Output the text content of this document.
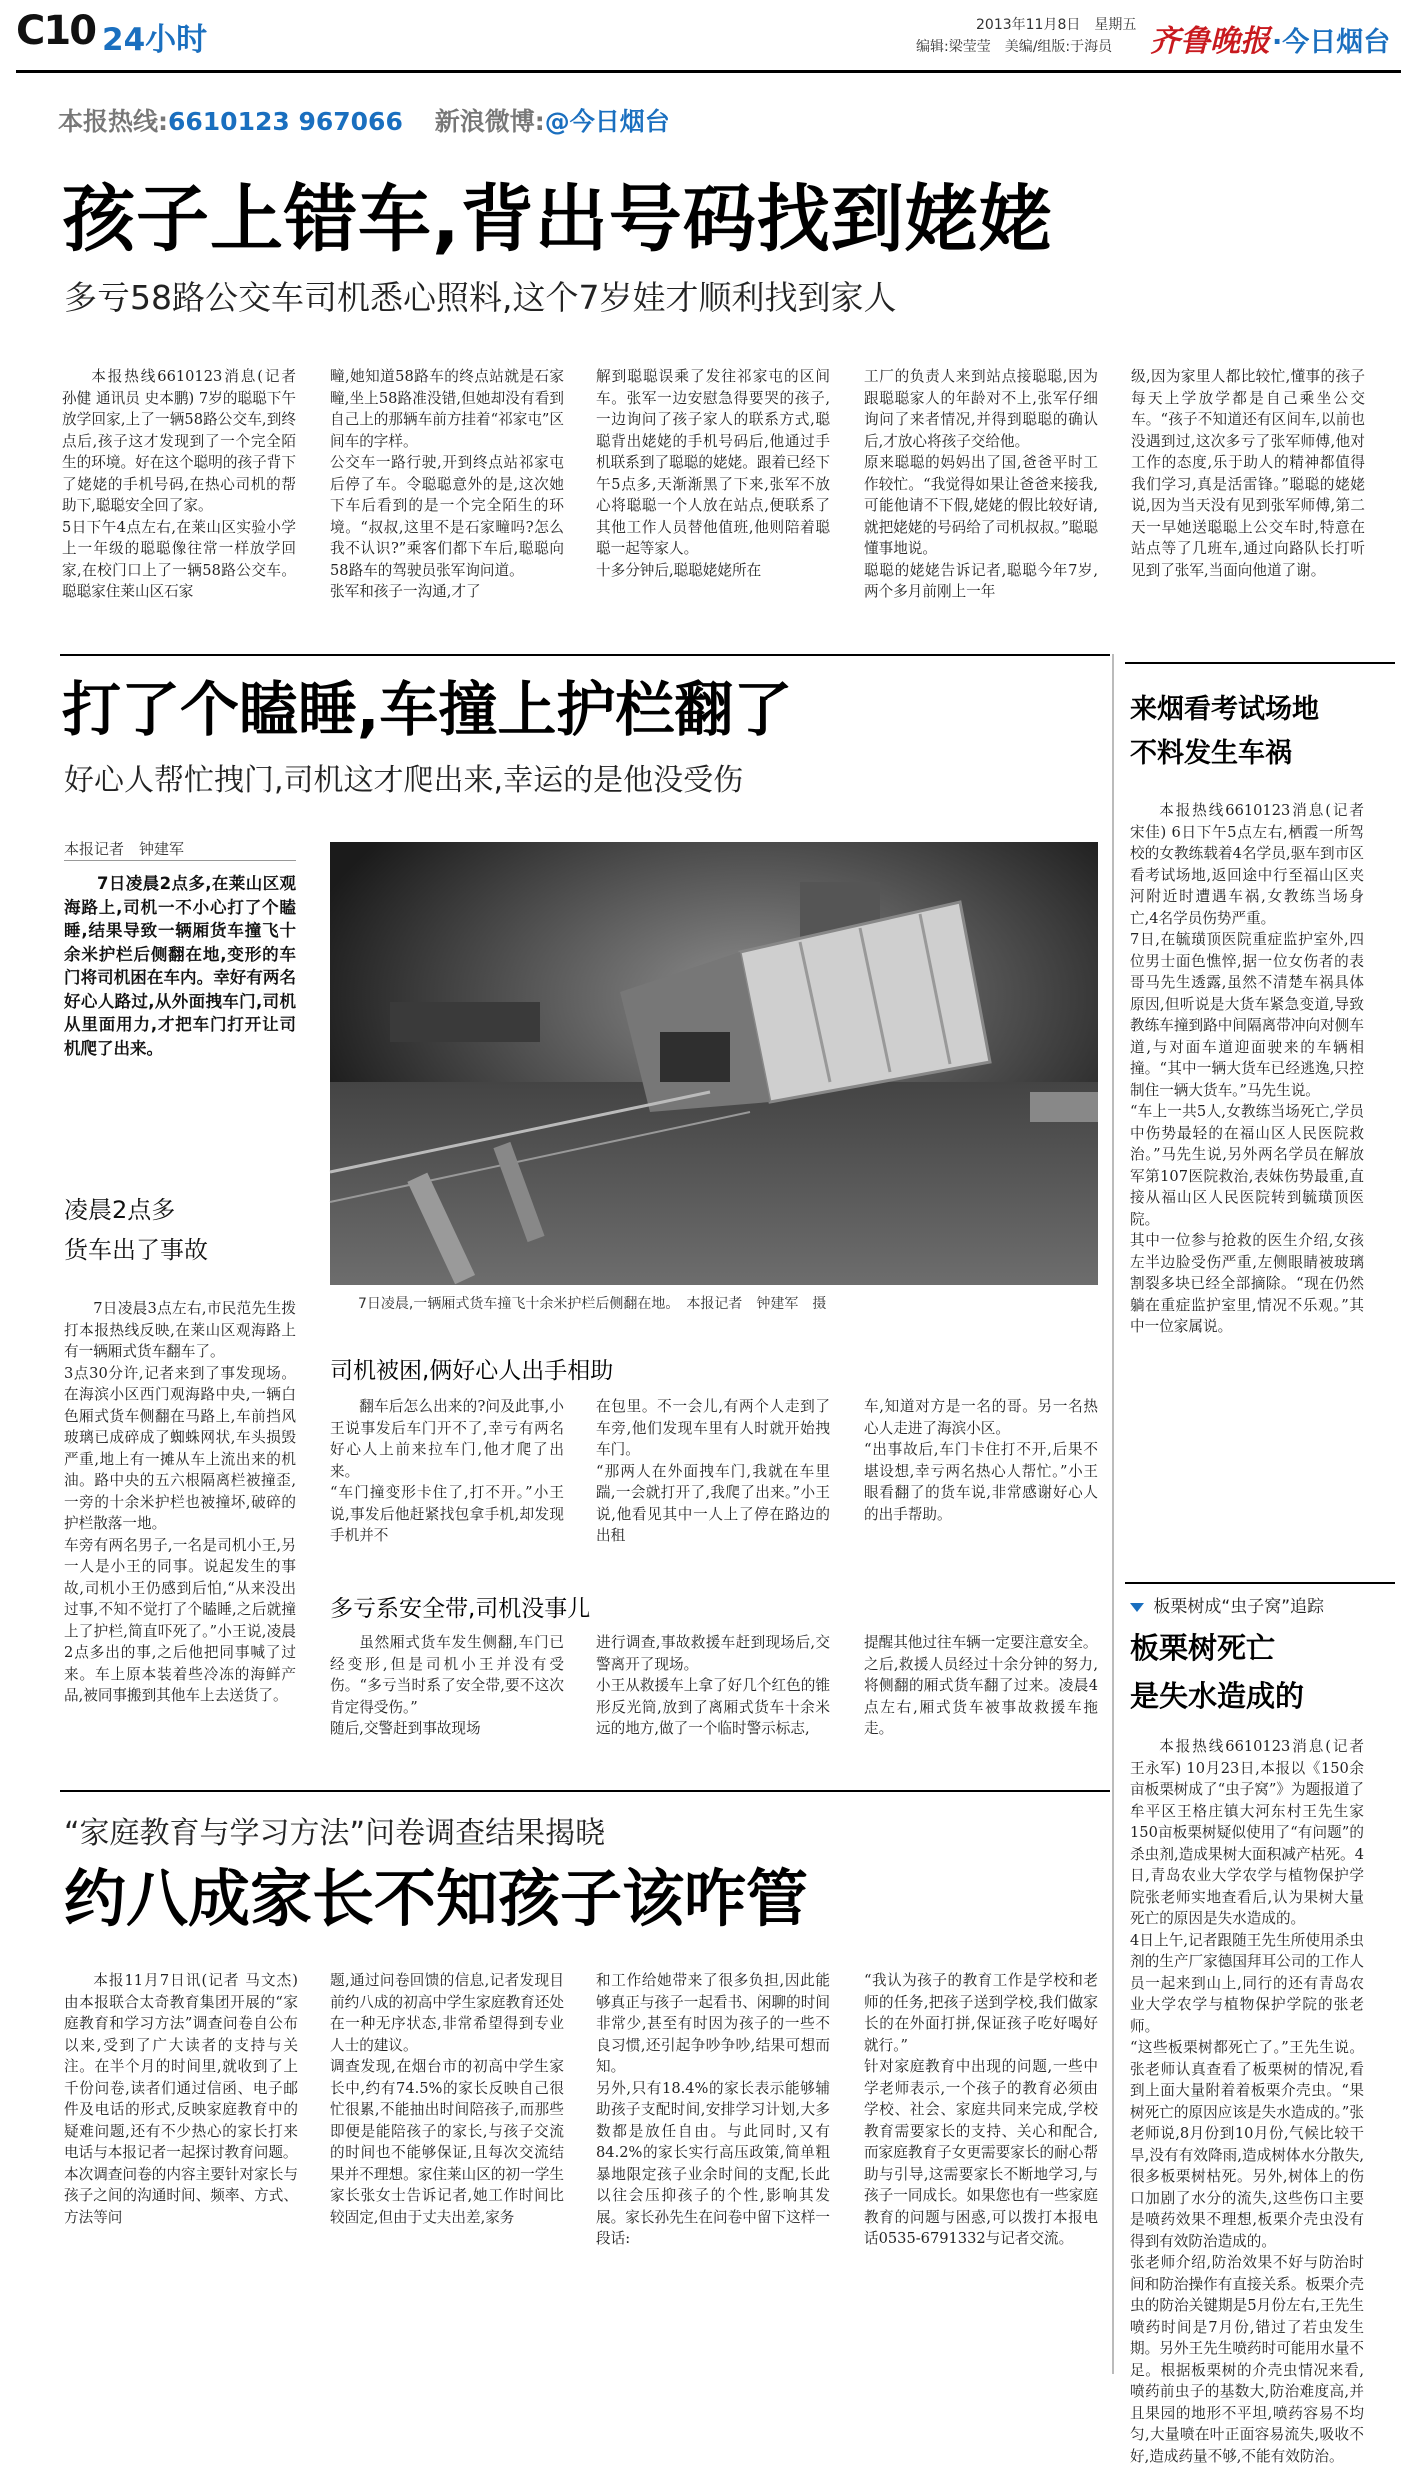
C10 24小时	2013年11月8日　星期五
编辑:梁莹莹　美编/组版:于海员 齐鲁晚报 ·今日烟台
本报热线:6610123 967066 新浪微博:@今日烟台
孩子上错车,背出号码找到姥姥
多亏58路公交车司机悉心照料,这个7岁娃才顺利找到家人

本报热线6610123消息(记者 孙健 通讯员 史本鹏) 7岁的聪聪下午放学回家,上了一辆58路公交车,到终点后,孩子这才发现到了一个完全陌生的环境。好在这个聪明的孩子背下了姥姥的手机号码,在热心司机的帮助下,聪聪安全回了家。
5日下午4点左右,在莱山区实验小学上一年级的聪聪像往常一样放学回家,在校门口上了一辆58路公交车。聪聪家住莱山区石家

疃,她知道58路车的终点站就是石家疃,坐上58路准没错,但她却没有看到自己上的那辆车前方挂着“祁家屯”区间车的字样。
公交车一路行驶,开到终点站祁家屯后停了车。令聪聪意外的是,这次她下车后看到的是一个完全陌生的环境。“叔叔,这里不是石家疃吗?怎么我不认识?”乘客们都下车后,聪聪向58路车的驾驶员张军询问道。
张军和孩子一沟通,才了

解到聪聪误乘了发往祁家屯的区间车。张军一边安慰急得要哭的孩子,一边询问了孩子家人的联系方式,聪聪背出姥姥的手机号码后,他通过手机联系到了聪聪的姥姥。跟着已经下午5点多,天渐渐黑了下来,张军不放心将聪聪一个人放在站点,便联系了其他工作人员替他值班,他则陪着聪聪一起等家人。
十多分钟后,聪聪姥姥所在

工厂的负责人来到站点接聪聪,因为跟聪聪家人的年龄对不上,张军仔细询问了来者情况,并得到聪聪的确认后,才放心将孩子交给他。
原来聪聪的妈妈出了国,爸爸平时工作较忙。“我觉得如果让爸爸来接我,可能他请不下假,姥姥的假比较好请,就把姥姥的号码给了司机叔叔。”聪聪懂事地说。
聪聪的姥姥告诉记者,聪聪今年7岁,两个多月前刚上一年

级,因为家里人都比较忙,懂事的孩子每天上学放学都是自己乘坐公交车。“孩子不知道还有区间车,以前也没遇到过,这次多亏了张军师傅,他对工作的态度,乐于助人的精神都值得我们学习,真是活雷锋。”聪聪的姥姥说,因为当天没有见到张军师傅,第二天一早她送聪聪上公交车时,特意在站点等了几班车,通过向路队长打听见到了张军,当面向他道了谢。

打了个瞌睡,车撞上护栏翻了
好心人帮忙拽门,司机这才爬出来,幸运的是他没受伤
本报记者　钟建军

7日凌晨2点多,在莱山区观海路上,司机一不小心打了个瞌睡,结果导致一辆厢货车撞飞十余米护栏后侧翻在地,变形的车门将司机困在车内。幸好有两名好心人路过,从外面拽车门,司机从里面用力,才把车门打开让司机爬了出来。

凌晨2点多
货车出了事故

7日凌晨3点左右,市民范先生拨打本报热线反映,在莱山区观海路上有一辆厢式货车翻车了。
3点30分许,记者来到了事发现场。在海滨小区西门观海路中央,一辆白色厢式货车侧翻在马路上,车前挡风玻璃已成碎成了蜘蛛网状,车头损毁严重,地上有一摊从车上流出来的机油。路中央的五六根隔离栏被撞歪,一旁的十余米护栏也被撞坏,破碎的护栏散落一地。
车旁有两名男子,一名是司机小王,另一人是小王的同事。说起发生的事故,司机小王仍感到后怕,“从来没出过事,不知不觉打了个瞌睡,之后就撞上了护栏,简直吓死了。”小王说,凌晨2点多出的事,之后他把同事喊了过来。车上原本装着些冷冻的海鲜产品,被同事搬到其他车上去送货了。

7日凌晨,一辆厢式货车撞飞十余米护栏后侧翻在地。　本报记者　钟建军　摄
司机被困,俩好心人出手相助

翻车后怎么出来的?问及此事,小王说事发后车门开不了,幸亏有两名好心人上前来拉车门,他才爬了出来。
“车门撞变形卡住了,打不开。”小王说,事发后他赶紧找包拿手机,却发现手机并不

在包里。不一会儿,有两个人走到了车旁,他们发现车里有人时就开始拽车门。
“那两人在外面拽车门,我就在车里踹,一会就打开了,我爬了出来。”小王说,他看见其中一人上了停在路边的出租

车,知道对方是一名的哥。另一名热心人走进了海滨小区。
“出事故后,车门卡住打不开,后果不堪设想,幸亏两名热心人帮忙。”小王眼看翻了的货车说,非常感谢好心人的出手帮助。

多亏系安全带,司机没事儿

虽然厢式货车发生侧翻,车门已经变形,但是司机小王并没有受伤。“多亏当时系了安全带,要不这次肯定得受伤。”
随后,交警赶到事故现场

进行调查,事故救援车赶到现场后,交警离开了现场。
小王从救援车上拿了好几个红色的锥形反光筒,放到了离厢式货车十余米远的地方,做了一个临时警示标志,

提醒其他过往车辆一定要注意安全。
之后,救援人员经过十余分钟的努力,将侧翻的厢式货车翻了过来。凌晨4点左右,厢式货车被事故救援车拖走。

“家庭教育与学习方法”问卷调查结果揭晓
约八成家长不知孩子该咋管

本报11月7日讯(记者 马文杰) 由本报联合太奇教育集团开展的“家庭教育和学习方法”调查问卷自公布以来,受到了广大读者的支持与关注。在半个月的时间里,就收到了上千份问卷,读者们通过信函、电子邮件及电话的形式,反映家庭教育中的疑难问题,还有不少热心的家长打来电话与本报记者一起探讨教育问题。
本次调查问卷的内容主要针对家长与孩子之间的沟通时间、频率、方式、方法等问

题,通过问卷回馈的信息,记者发现目前约八成的初高中学生家庭教育还处在一种无序状态,非常希望得到专业人士的建议。
调查发现,在烟台市的初高中学生家长中,约有74.5%的家长反映自己很忙很累,不能抽出时间陪孩子,而那些即便是能陪孩子的家长,与孩子交流的时间也不能够保证,且每次交流结果并不理想。家住莱山区的初一学生家长张女士告诉记者,她工作时间比较固定,但由于丈夫出差,家务

和工作给她带来了很多负担,因此能够真正与孩子一起看书、闲聊的时间非常少,甚至有时因为孩子的一些不良习惯,还引起争吵争吵,结果可想而知。
另外,只有18.4%的家长表示能够辅助孩子支配时间,安排学习计划,大多数都是放任自由。与此同时,又有84.2%的家长实行高压政策,简单粗暴地限定孩子业余时间的支配,长此以往会压抑孩子的个性,影响其发展。家长孙先生在问卷中留下这样一段话:

“我认为孩子的教育工作是学校和老师的任务,把孩子送到学校,我们做家长的在外面打拼,保证孩子吃好喝好就行。”
针对家庭教育中出现的问题,一些中学老师表示,一个孩子的教育必须由学校、社会、家庭共同来完成,学校教育需要家长的支持、关心和配合,而家庭教育子女更需要家长的耐心帮助与引导,这需要家长不断地学习,与孩子一同成长。如果您也有一些家庭教育的问题与困惑,可以拨打本报电话0535-6791332与记者交流。

来烟看考试场地
不料发生车祸

本报热线6610123消息(记者 宋佳) 6日下午5点左右,栖霞一所驾校的女教练载着4名学员,驱车到市区看考试场地,返回途中行至福山区夹河附近时遭遇车祸,女教练当场身亡,4名学员伤势严重。
7日,在毓璜顶医院重症监护室外,四位男士面色憔悴,据一位女伤者的表哥马先生透露,虽然不清楚车祸具体原因,但听说是大货车紧急变道,导致教练车撞到路中间隔离带冲向对侧车道,与对面车道迎面驶来的车辆相撞。“其中一辆大货车已经逃逸,只控制住一辆大货车。”马先生说。
“车上一共5人,女教练当场死亡,学员中伤势最轻的在福山区人民医院救治。”马先生说,另外两名学员在解放军第107医院救治,表妹伤势最重,直接从福山区人民医院转到毓璜顶医院。
其中一位参与抢救的医生介绍,女孩左半边脸受伤严重,左侧眼睛被玻璃割裂多块已经全部摘除。“现在仍然躺在重症监护室里,情况不乐观。”其中一位家属说。

板栗树成“虫子窝”追踪
板栗树死亡
是失水造成的

本报热线6610123消息(记者 王永军) 10月23日,本报以《150余亩板栗树成了“虫子窝”》为题报道了牟平区王格庄镇大河东村王先生家150亩板栗树疑似使用了“有问题”的杀虫剂,造成果树大面积减产枯死。4日,青岛农业大学农学与植物保护学院张老师实地查看后,认为果树大量死亡的原因是失水造成的。
4日上午,记者跟随王先生所使用杀虫剂的生产厂家德国拜耳公司的工作人员一起来到山上,同行的还有青岛农业大学农学与植物保护学院的张老师。
“这些板栗树都死亡了。”王先生说。张老师认真查看了板栗树的情况,看到上面大量附着着板栗介壳虫。“果树死亡的原因应该是失水造成的。”张老师说,8月份到10月份,气候比较干旱,没有有效降雨,造成树体水分散失,很多板栗树枯死。另外,树体上的伤口加剧了水分的流失,这些伤口主要是喷药效果不理想,板栗介壳虫没有得到有效防治造成的。
张老师介绍,防治效果不好与防治时间和防治操作有直接关系。板栗介壳虫的防治关键期是5月份左右,王先生喷药时间是7月份,错过了若虫发生期。另外王先生喷药时可能用水量不足。根据板栗树的介壳虫情况来看,喷药前虫子的基数大,防治难度高,并且果园的地形不平坦,喷药容易不均匀,大量喷在叶正面容易流失,吸收不好,造成药量不够,不能有效防治。
